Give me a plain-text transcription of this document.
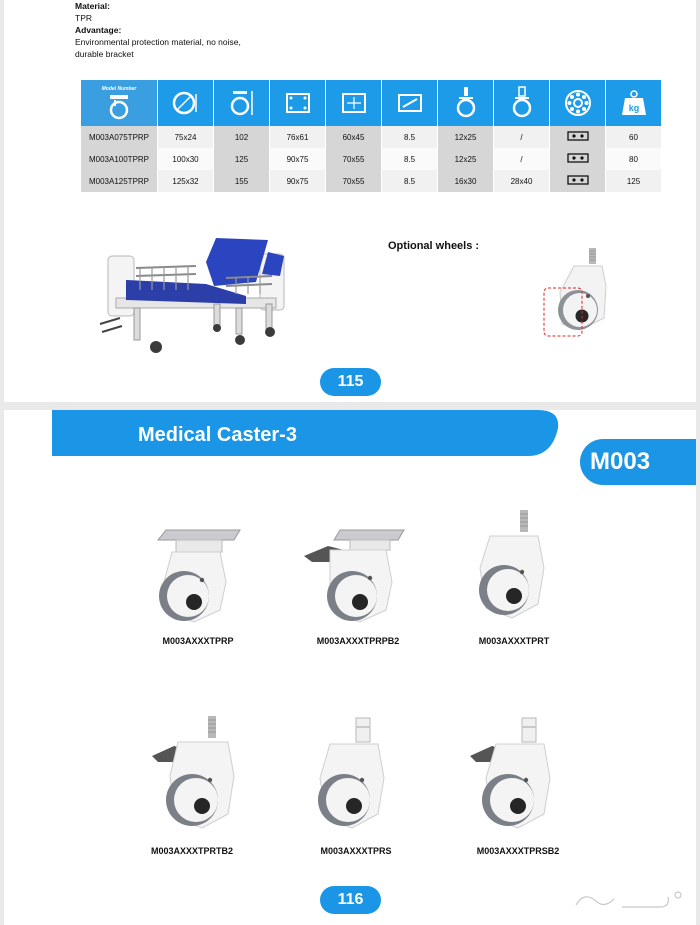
Material:
TPR
Advantage:
Environmental protection material, no noise,
durable bracket
Model Number									kg

M003A075TPRP	75x24	102	76x61	60x45	8.5	12x25	/		60
M003A100TPRP	100x30	125	90x75	70x55	8.5	12x25	/		80
M003A125TPRP	125x32	155	90x75	70x55	8.5	16x30	28x40		125
Optional wheels :
115
Medical Caster-3
M003
M003AXXXTPRP	M003AXXXTPRPB2	M003AXXXTPRT
M003AXXXTPRTB2	M003AXXXTPRS	M003AXXXTPRSB2
116
